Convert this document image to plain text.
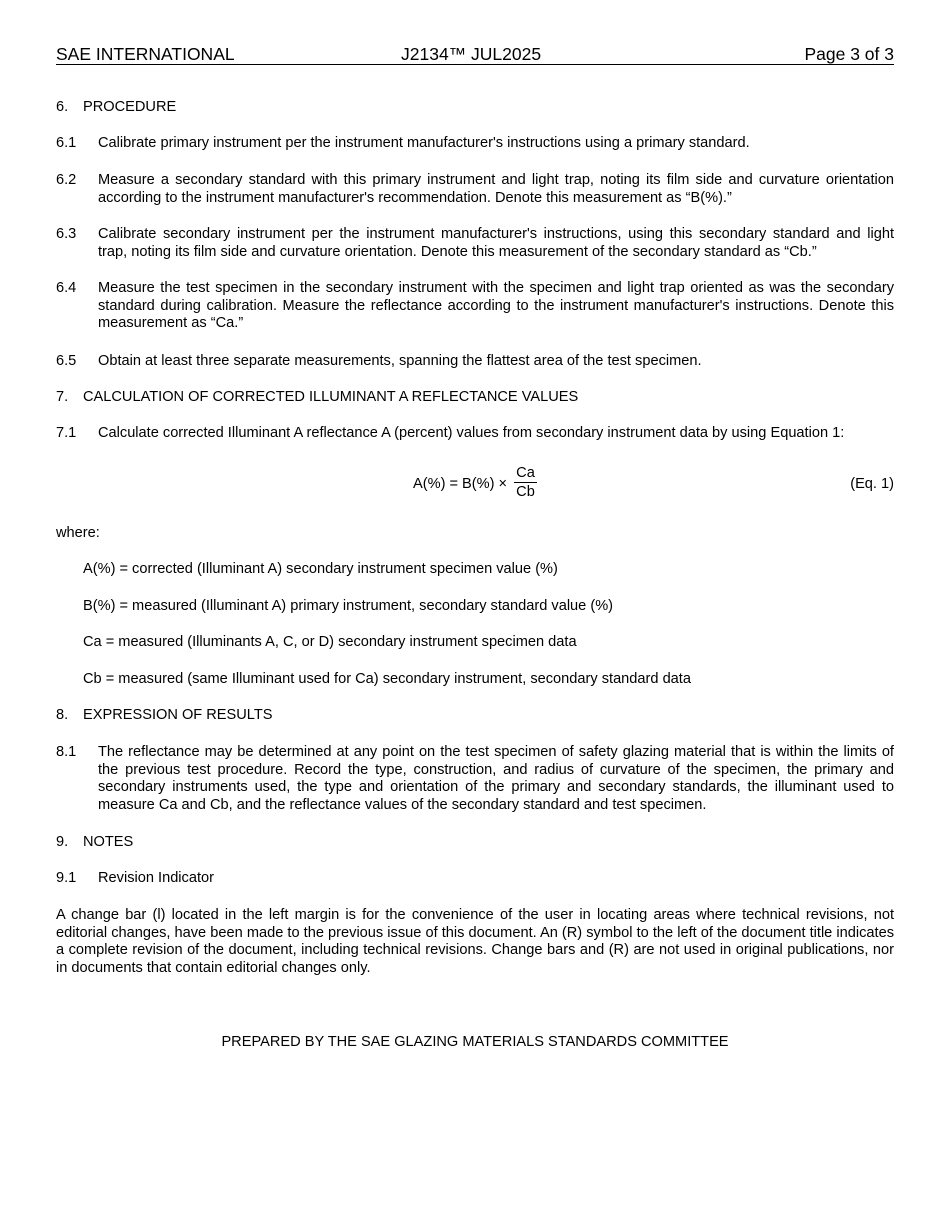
SAE INTERNATIONAL	J2134™ JUL2025	Page 3 of 3
6. PROCEDURE
6.1 Calibrate primary instrument per the instrument manufacturer's instructions using a primary standard.
6.2 Measure a secondary standard with this primary instrument and light trap, noting its film side and curvature orientation according to the instrument manufacturer's recommendation. Denote this measurement as “B(%).”
6.3 Calibrate secondary instrument per the instrument manufacturer's instructions, using this secondary standard and light trap, noting its film side and curvature orientation. Denote this measurement of the secondary standard as “Cb.”
6.4 Measure the test specimen in the secondary instrument with the specimen and light trap oriented as was the secondary standard during calibration. Measure the reflectance according to the instrument manufacturer's instructions. Denote this measurement as “Ca.”
6.5 Obtain at least three separate measurements, spanning the flattest area of the test specimen.
7. CALCULATION OF CORRECTED ILLUMINANT A REFLECTANCE VALUES
7.1 Calculate corrected Illuminant A reflectance A (percent) values from secondary instrument data by using Equation 1:
$A(\%) = B(\%) \times \frac{Ca}{Cb}$	(Eq. 1)
where:
A(%) = corrected (Illuminant A) secondary instrument specimen value (%)
B(%) = measured (Illuminant A) primary instrument, secondary standard value (%)
Ca = measured (Illuminants A, C, or D) secondary instrument specimen data
Cb = measured (same Illuminant used for Ca) secondary instrument, secondary standard data
8. EXPRESSION OF RESULTS
8.1 The reflectance may be determined at any point on the test specimen of safety glazing material that is within the limits of the previous test procedure. Record the type, construction, and radius of curvature of the specimen, the primary and secondary instruments used, the type and orientation of the primary and secondary standards, the illuminant used to measure Ca and Cb, and the reflectance values of the secondary standard and test specimen.
9. NOTES
9.1 Revision Indicator
A change bar (l) located in the left margin is for the convenience of the user in locating areas where technical revisions, not editorial changes, have been made to the previous issue of this document. An (R) symbol to the left of the document title indicates a complete revision of the document, including technical revisions. Change bars and (R) are not used in original publications, nor in documents that contain editorial changes only.
PREPARED BY THE SAE GLAZING MATERIALS STANDARDS COMMITTEE
